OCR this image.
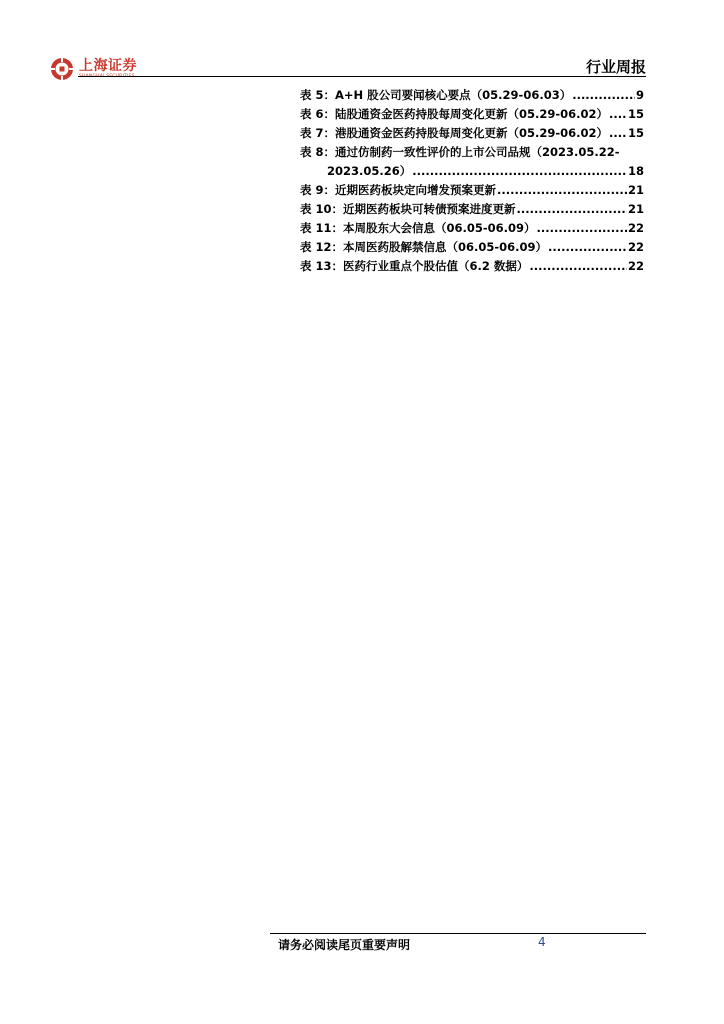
上海证券
SHANGHAI SECURITIES
行业周报
表 5：A+H 股公司要闻核心要点（05.29-06.03） .....	9
表 6：陆股通资金医药持股每周变化更新（05.29-06.02） ..... 15
表 7：港股通资金医药持股每周变化更新（05.29-06.02） ..... 15
表 8：通过仿制药一致性评价的上市公司品规（2023.05.22-
2023.05.26） .....	18
表 9：近期医药板块定向增发预案更新 .....	21
表 10：近期医药板块可转债预案进度更新 .....	21
表 11：本周股东大会信息（06.05-06.09） .....	22
表 12：本周医药股解禁信息（06.05-06.09） .....	22
表 13：医药行业重点个股估值（6.2 数据） .....	22
请务必阅读尾页重要声明	4
